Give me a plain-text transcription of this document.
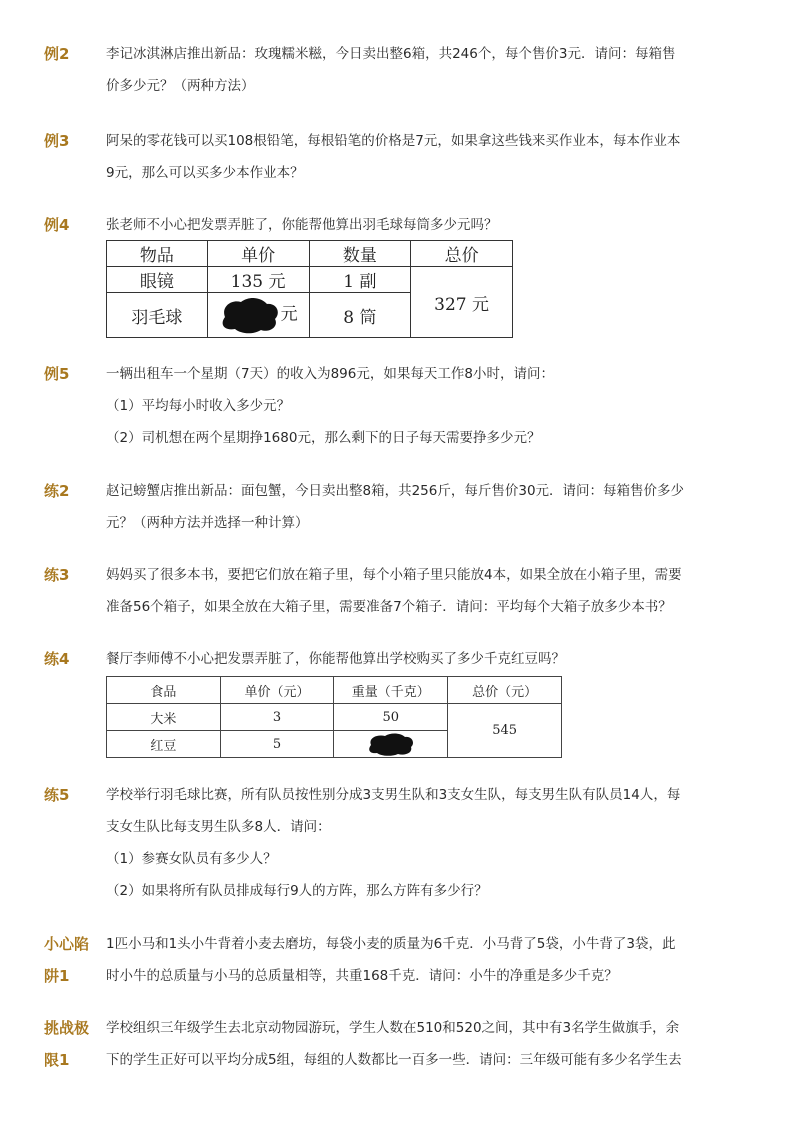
例2	李记冰淇淋店推出新品：玫瑰糯米糍，今日卖出整6箱，共246个，每个售价3元．请问：每箱售
价多少元？（两种方法）
例3	阿呆的零花钱可以买108根铅笔，每根铅笔的价格是7元，如果拿这些钱来买作业本，每本作业本
9元，那么可以买多少本作业本？
例4	张老师不小心把发票弄脏了，你能帮他算出羽毛球每筒多少元吗？
物品	单价	数量	总价
眼镜	135 元	1 副	327 元
羽毛球	元	8 筒	
例5	一辆出租车一个星期（7天）的收入为896元，如果每天工作8小时，请问：
（1）平均每小时收入多少元？
（2）司机想在两个星期挣1680元，那么剩下的日子每天需要挣多少元？
练2	赵记螃蟹店推出新品：面包蟹，今日卖出整8箱，共256斤，每斤售价30元．请问：每箱售价多少
元？（两种方法并选择一种计算）
练3	妈妈买了很多本书，要把它们放在箱子里，每个小箱子里只能放4本，如果全放在小箱子里，需要
准备56个箱子，如果全放在大箱子里，需要准备7个箱子．请问：平均每个大箱子放多少本书？
练4	餐厅李师傅不小心把发票弄脏了，你能帮他算出学校购买了多少千克红豆吗？
食品	单价（元）	重量（千克）	总价（元）
大米	3	50	545
红豆	5	
练5	学校举行羽毛球比赛，所有队员按性别分成3支男生队和3支女生队，每支男生队有队员14人，每
支女生队比每支男生队多8人．请问：
（1）参赛女队员有多少人？
（2）如果将所有队员排成每行9人的方阵，那么方阵有多少行？
小心陷
阱1
1匹小马和1头小牛背着小麦去磨坊，每袋小麦的质量为6千克．小马背了5袋，小牛背了3袋，此
时小牛的总质量与小马的总质量相等，共重168千克．请问：小牛的净重是多少千克？
挑战极
限1
学校组织三年级学生去北京动物园游玩，学生人数在510和520之间，其中有3名学生做旗手，余
下的学生正好可以平均分成5组，每组的人数都比一百多一些．请问：三年级可能有多少名学生去
